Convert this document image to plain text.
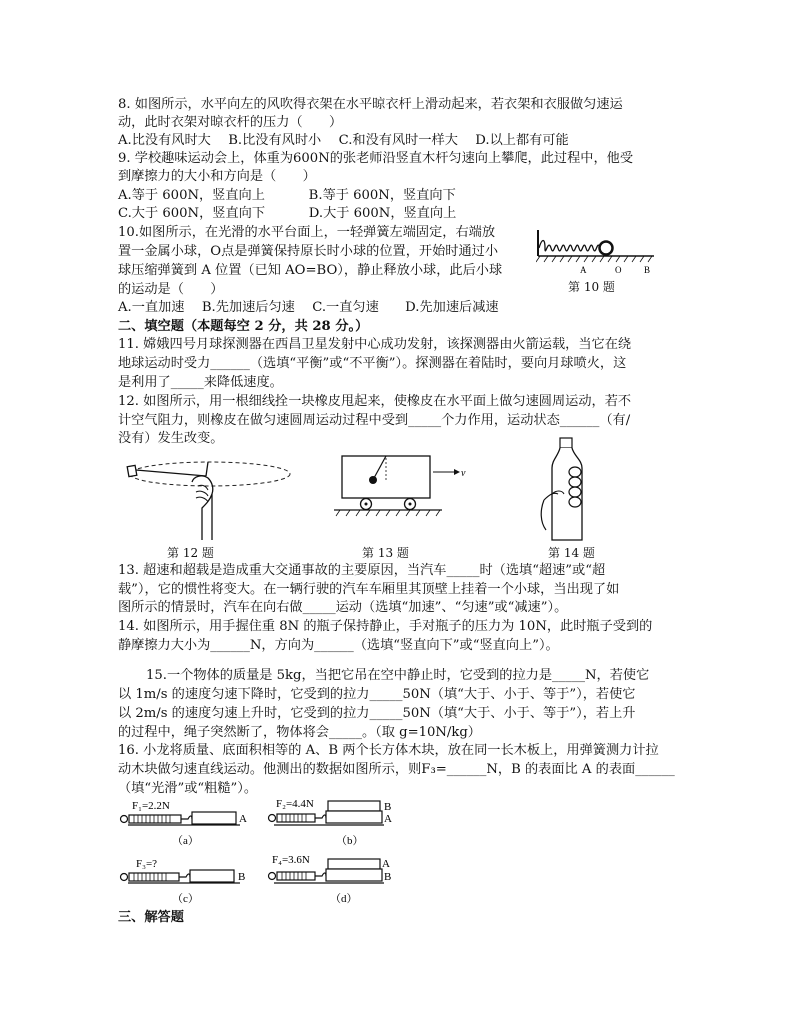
8. 如图所示，水平向左的风吹得衣架在水平晾衣杆上滑动起来，若衣架和衣服做匀速运
动，此时衣架对晾衣杆的压力（　　）
A.比没有风时大　 B.比没有风时小　 C.和没有风时一样大　 D.以上都有可能
9. 学校趣味运动会上，体重为600N的张老师沿竖直木杆匀速向上攀爬，此过程中，他受
到摩擦力的大小和方向是（　　）
A.等于 600N，竖直向上　　　 B.等于 600N，竖直向下
C.大于 600N，竖直向下　　　 D.大于 600N，竖直向上
10.如图所示，在光滑的水平台面上，一轻弹簧左端固定，右端放
置一金属小球，O点是弹簧保持原长时小球的位置，开始时通过小
球压缩弹簧到 A 位置（已知 AO=BO），静止释放小球，此后小球
的运动是（　　）
A.一直加速　 B.先加速后匀速　 C.一直匀速　　D.先加速后减速
A	O	B
第 10 题
二、填空题（本题每空 2 分，共 28 分。）
11. 嫦娥四号月球探测器在西昌卫星发射中心成功发射，该探测器由火箭运载，当它在绕
地球运动时受力______（选填“平衡”或“不平衡”）。探测器在着陆时，要向月球喷火，这
是利用了_____来降低速度。
12. 如图所示，用一根细线拴一块橡皮甩起来，使橡皮在水平面上做匀速圆周运动，若不
计空气阻力，则橡皮在做匀速圆周运动过程中受到_____个力作用，运动状态______（有/
没有）发生改变。
第 12 题
v
第 13 题	第 14 题
13. 超速和超载是造成重大交通事故的主要原因，当汽车_____时（选填“超速”或“超
载”），它的惯性将变大。在一辆行驶的汽车车厢里其顶壁上挂着一个小球，当出现了如
图所示的情景时，汽车在向右做_____运动（选填“加速”、“匀速”或“减速”）。
14. 如图所示，用手握住重 8N 的瓶子保持静止，手对瓶子的压力为 10N，此时瓶子受到的
静摩擦力大小为______N，方向为______（选填“竖直向下”或“竖直向上”）。
15.一个物体的质量是 5kg，当把它吊在空中静止时，它受到的拉力是_____N，若使它
以 1m/s 的速度匀速下降时，它受到的拉力_____50N（填“大于、小于、等于”），若使它
以 2m/s 的速度匀速上升时，它受到的拉力_____50N（填“大于、小于、等于”），若上升
的过程中，绳子突然断了，物体将会_____。（取 g=10N/kg）
16. 小龙将质量、底面积相等的 A、B 两个长方体木块，放在同一长木板上，用弹簧测力计拉
动木块做匀速直线运动。他测出的数据如图所示，则F₃=______N，B 的表面比 A 的表面______
（填“光滑”或“粗糙”）。
F₁=2.2N
A
（a）
F₂=4.4N	B
A
（b）
F₃=?
B
（c）
F₄=3.6N	A
B
（d）
三、解答题
